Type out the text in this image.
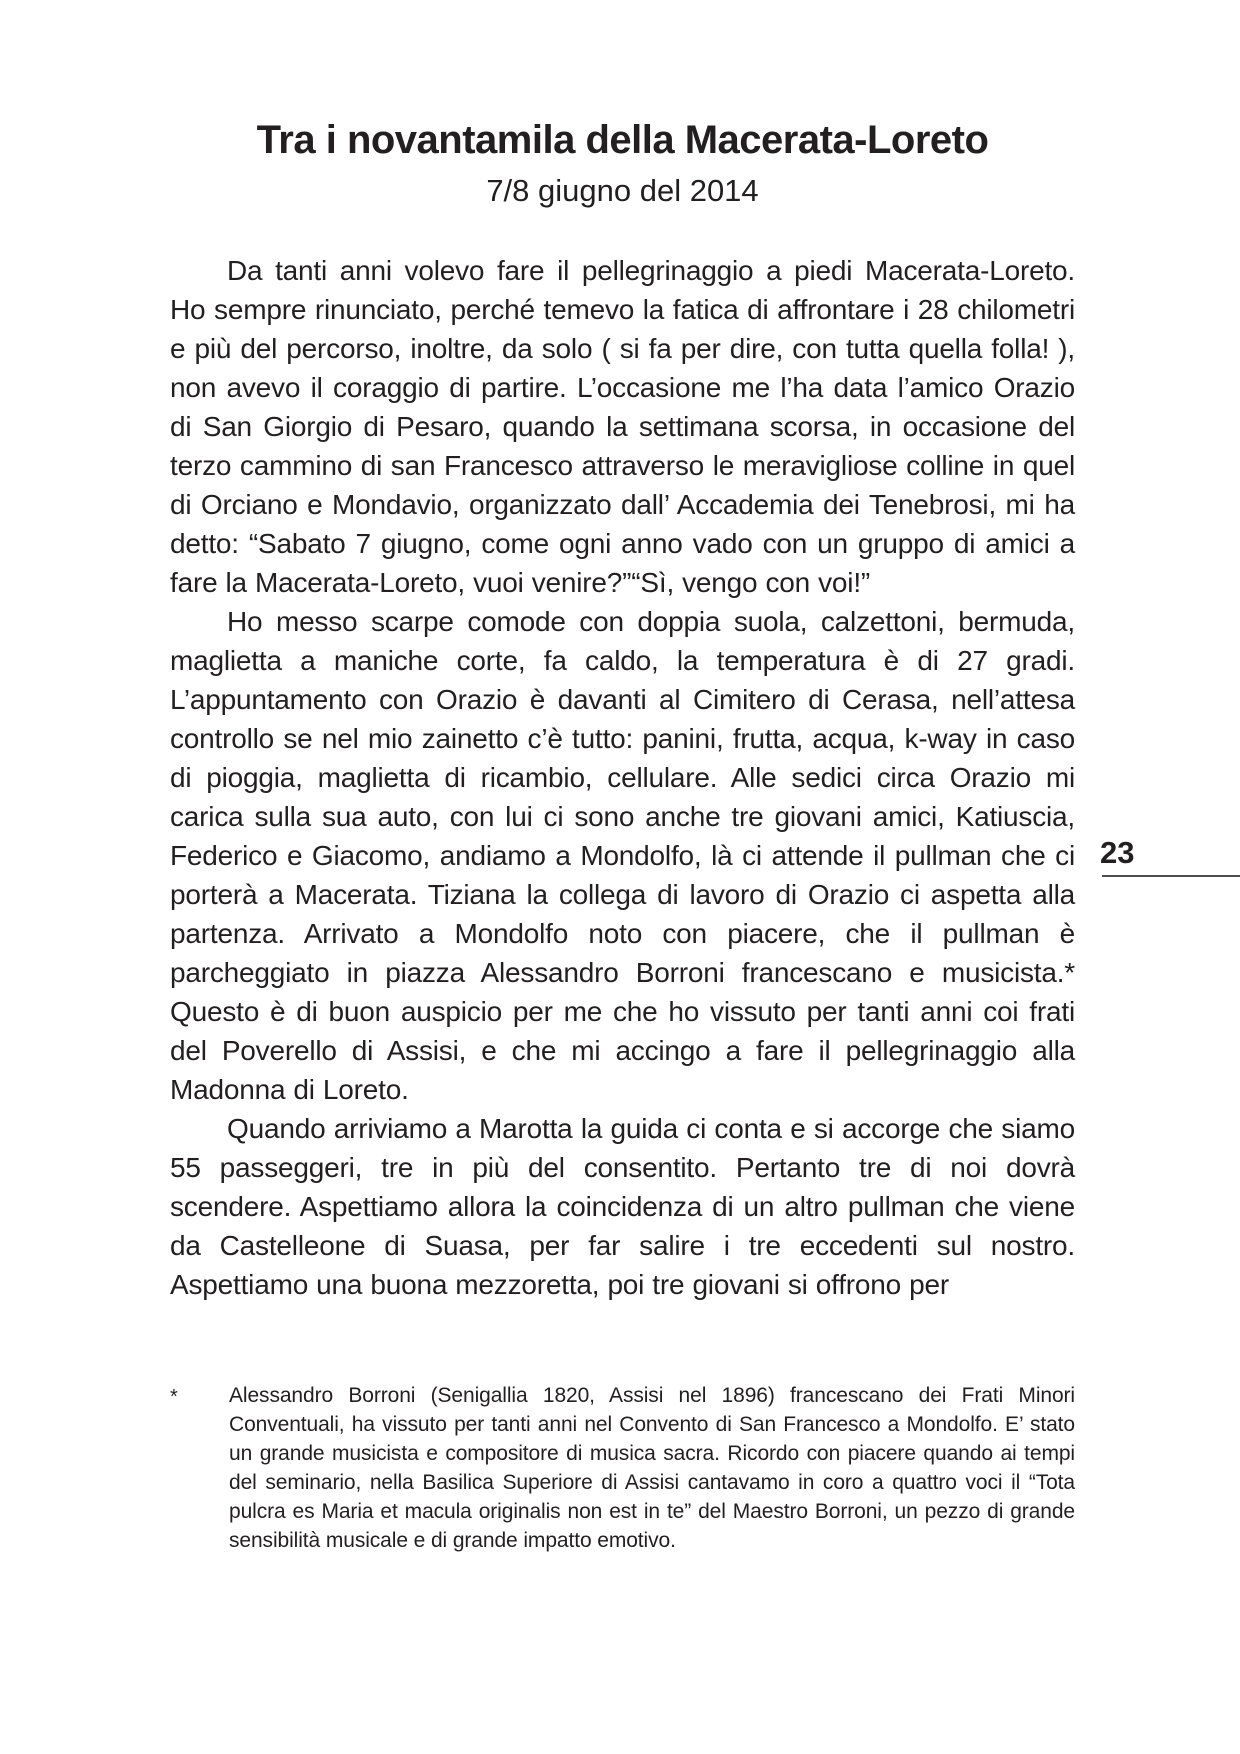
Tra i novantamila della Macerata-Loreto
7/8 giugno del 2014

Da tanti anni volevo fare il pellegrinaggio a piedi Macerata-Loreto. Ho sempre rinunciato, perché temevo la fatica di affrontare i 28 chilometri e più del percorso, inoltre, da solo ( si fa per dire, con tutta quella folla! ), non avevo il coraggio di partire. L’occasione me l’ha data l’amico Orazio di San Giorgio di Pesaro, quando la settimana scorsa, in occasione del terzo cammino di san Francesco attraverso le meravigliose colline in quel di Orciano e Mondavio, organizzato dall’ Accademia dei Tenebrosi, mi ha detto: “Sabato 7 giugno, come ogni anno vado con un gruppo di amici a fare la Macerata-Loreto, vuoi venire?”“Sì, vengo con voi!”

Ho messo scarpe comode con doppia suola, calzettoni, bermuda, maglietta a maniche corte, fa caldo, la temperatura è di 27 gradi. L’appuntamento con Orazio è davanti al Cimitero di Cerasa, nell’attesa controllo se nel mio zainetto c’è tutto: panini, frutta, acqua, k-way in caso di pioggia, maglietta di ricambio, cellulare. Alle sedici circa Orazio mi carica sulla sua auto, con lui ci sono anche tre giovani amici, Katiuscia, Federico e Giacomo, andiamo a Mondolfo, là ci attende il pullman che ci porterà a Macerata. Tiziana la collega di lavoro di Orazio ci aspetta alla partenza. Arrivato a Mondolfo noto con piacere, che il pullman è parcheggiato in piazza Alessandro Borroni francescano e musicista.* Questo è di buon auspicio per me che ho vissuto per tanti anni coi frati del Poverello di Assisi, e che mi accingo a fare il pellegrinaggio alla Madonna di Loreto.

Quando arriviamo a Marotta la guida ci conta e si accorge che siamo 55 passeggeri, tre in più del consentito. Pertanto tre di noi dovrà scendere. Aspettiamo allora la coincidenza di un altro pullman che viene da Castelleone di Suasa, per far salire i tre eccedenti sul nostro. Aspettiamo una buona mezzoretta, poi tre giovani si offrono per

*	Alessandro Borroni (Senigallia 1820, Assisi nel 1896) francescano dei Frati Minori Conventuali, ha vissuto per tanti anni nel Convento di San Francesco a Mondolfo. E’ stato un grande musicista e compositore di musica sacra. Ricordo con piacere quando ai tempi del seminario, nella Basilica Superiore di Assisi cantavamo in coro a quattro voci il “Tota pulcra es Maria et macula originalis non est in te” del Maestro Borroni, un pezzo di grande sensibilità musicale e di grande impatto emotivo.
23
